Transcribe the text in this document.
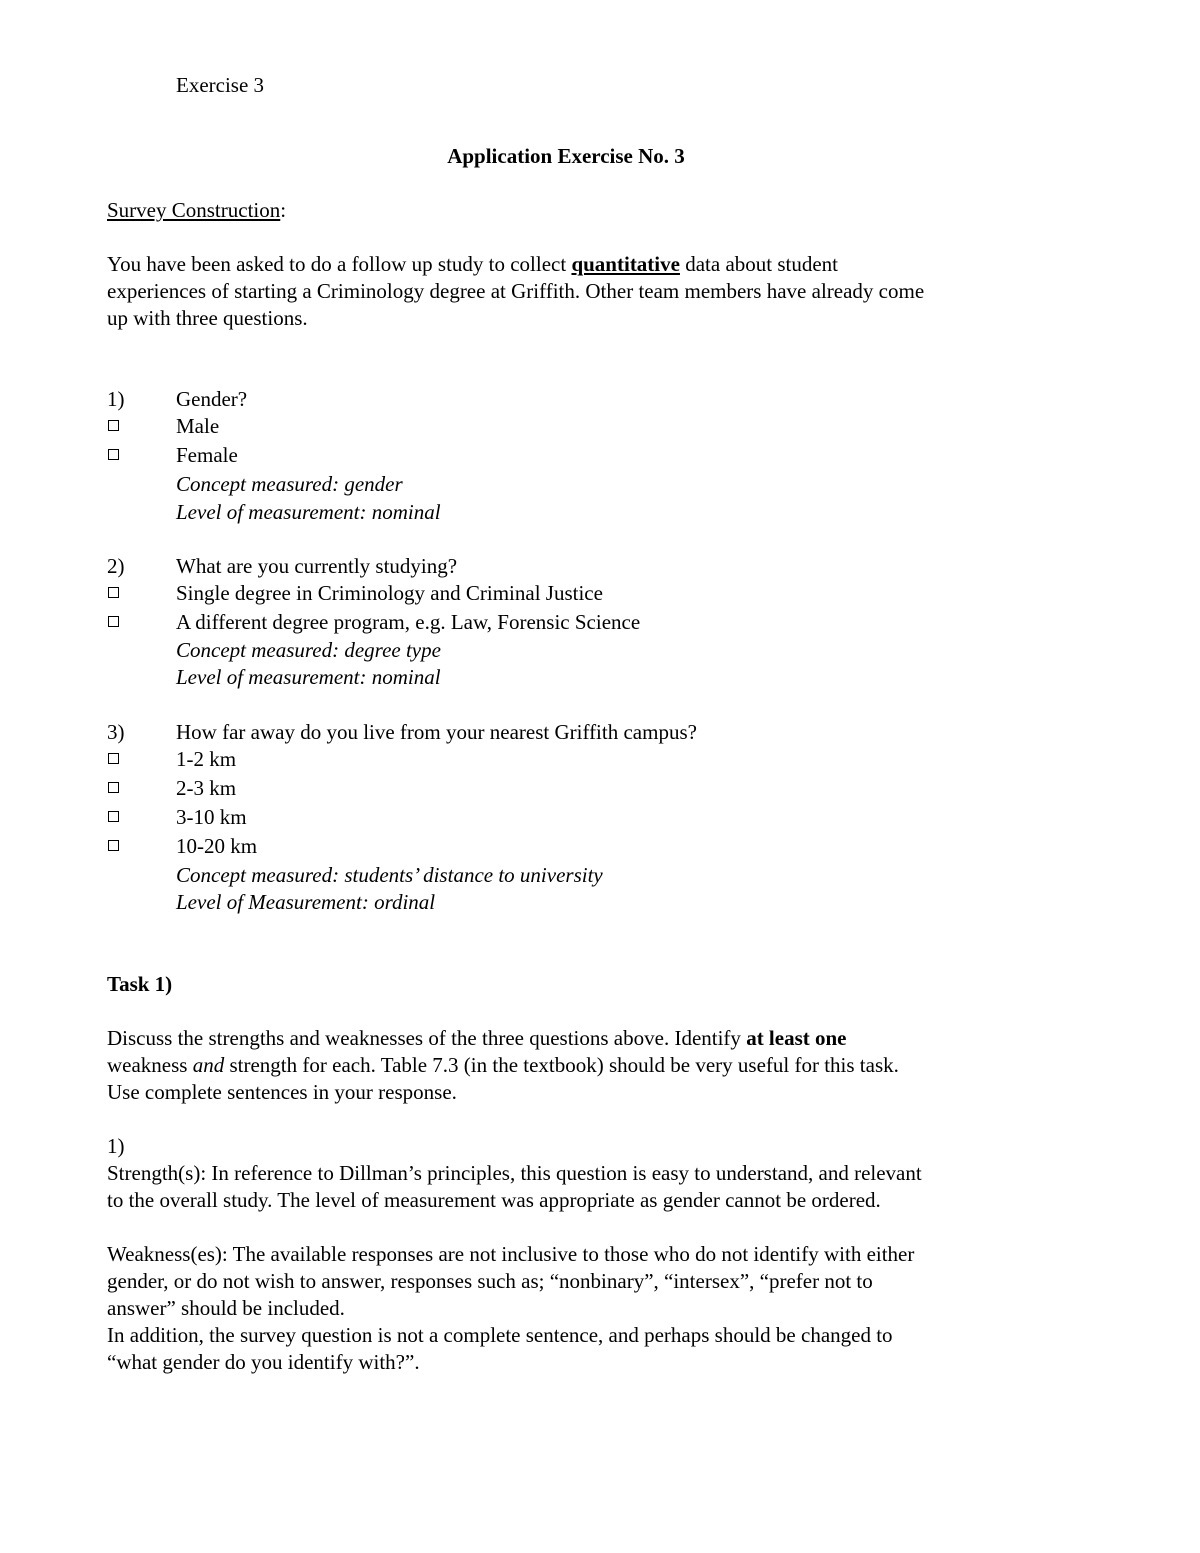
Exercise 3
Application Exercise No. 3
Survey Construction:
You have been asked to do a follow up study to collect quantitative data about student
experiences of starting a Criminology degree at Griffith. Other team members have already come
up with three questions.
1) Gender?
Male
Female
Concept measured: gender
Level of measurement: nominal
2) What are you currently studying?
Single degree in Criminology and Criminal Justice
A different degree program, e.g. Law, Forensic Science
Concept measured: degree type
Level of measurement: nominal
3) How far away do you live from your nearest Griffith campus?
1-2 km
2-3 km
3-10 km
10-20 km
Concept measured: students’ distance to university
Level of Measurement: ordinal
Task 1)
Discuss the strengths and weaknesses of the three questions above. Identify at least one
weakness and strength for each. Table 7.3 (in the textbook) should be very useful for this task.
Use complete sentences in your response.
1)
Strength(s): In reference to Dillman’s principles, this question is easy to understand, and relevant
to the overall study. The level of measurement was appropriate as gender cannot be ordered.
Weakness(es): The available responses are not inclusive to those who do not identify with either
gender, or do not wish to answer, responses such as; “nonbinary”, “intersex”, “prefer not to
answer” should be included.
In addition, the survey question is not a complete sentence, and perhaps should be changed to
“what gender do you identify with?”.
